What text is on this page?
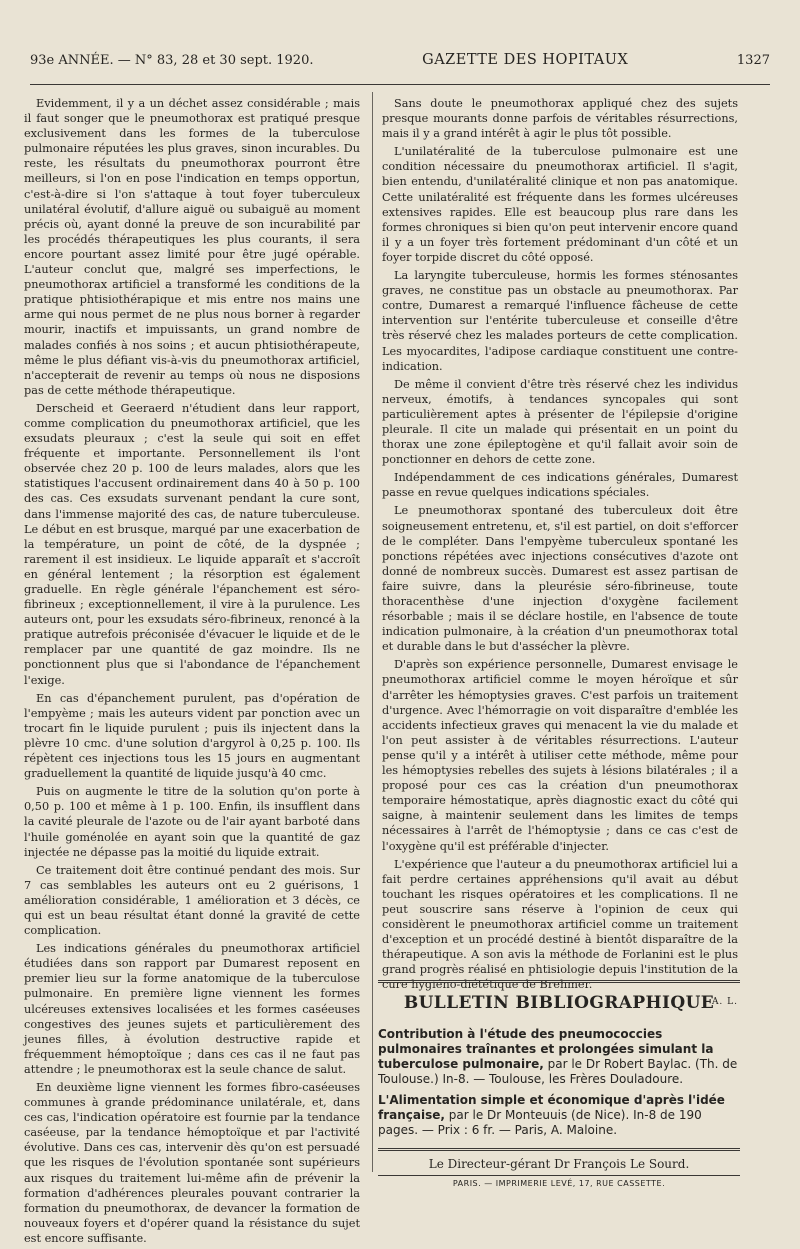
93e ANNÉE. — N° 83, 28 et 30 sept. 1920.	GAZETTE DES HOPITAUX	1327

Evidemment, il y a un déchet assez considérable ; mais il faut songer que le pneumothorax est pratiqué presque exclusivement dans les formes de la tuberculose pulmonaire réputées les plus graves, sinon incurables. Du reste, les résultats du pneumothorax pourront être meilleurs, si l'on en pose l'indication en temps opportun, c'est-à-dire si l'on s'attaque à tout foyer tuberculeux unilatéral évolutif, d'allure aiguë ou subaiguë au moment précis où, ayant donné la preuve de son incurabilité par les procédés thérapeutiques les plus courants, il sera encore pourtant assez limité pour être jugé opérable. L'auteur conclut que, malgré ses imperfections, le pneumothorax artificiel a transformé les conditions de la pratique phtisiothérapique et mis entre nos mains une arme qui nous permet de ne plus nous borner à regarder mourir, inactifs et impuissants, un grand nombre de malades confiés à nos soins ; et aucun phtisiothérapeute, même le plus défiant vis-à-vis du pneumothorax artificiel, n'accepterait de revenir au temps où nous ne disposions pas de cette méthode thérapeutique.

Derscheid et Geeraerd n'étudient dans leur rapport, comme complication du pneumothorax artificiel, que les exsudats pleuraux ; c'est la seule qui soit en effet fréquente et importante. Personnellement ils l'ont observée chez 20 p. 100 de leurs malades, alors que les statistiques l'accusent ordinairement dans 40 à 50 p. 100 des cas. Ces exsudats survenant pendant la cure sont, dans l'immense majorité des cas, de nature tuberculeuse. Le début en est brusque, marqué par une exacerbation de la température, un point de côté, de la dyspnée ; rarement il est insidieux. Le liquide apparaît et s'accroît en général lentement ; la résorption est également graduelle. En règle générale l'épanchement est séro-fibrineux ; exceptionnellement, il vire à la purulence. Les auteurs ont, pour les exsudats séro-fibrineux, renoncé à la pratique autrefois préconisée d'évacuer le liquide et de le remplacer par une quantité de gaz moindre. Ils ne ponctionnent plus que si l'abondance de l'épanchement l'exige.

En cas d'épanchement purulent, pas d'opération de l'empyème ; mais les auteurs vident par ponction avec un trocart fin le liquide purulent ; puis ils injectent dans la plèvre 10 cmc. d'une solution d'argyrol à 0,25 p. 100. Ils répètent ces injections tous les 15 jours en augmentant graduellement la quantité de liquide jusqu'à 40 cmc.

Puis on augmente le titre de la solution qu'on porte à 0,50 p. 100 et même à 1 p. 100. Enfin, ils insufflent dans la cavité pleurale de l'azote ou de l'air ayant barboté dans l'huile goménolée en ayant soin que la quantité de gaz injectée ne dépasse pas la moitié du liquide extrait.

Ce traitement doit être continué pendant des mois. Sur 7 cas semblables les auteurs ont eu 2 guérisons, 1 amélioration considérable, 1 amélioration et 3 décès, ce qui est un beau résultat étant donné la gravité de cette complication.

Les indications générales du pneumothorax artificiel étudiées dans son rapport par Dumarest reposent en premier lieu sur la forme anatomique de la tuberculose pulmonaire. En première ligne viennent les formes ulcéreuses extensives localisées et les formes caséeuses congestives des jeunes sujets et particulièrement des jeunes filles, à évolution destructive rapide et fréquemment hémoptoïque ; dans ces cas il ne faut pas attendre ; le pneumothorax est la seule chance de salut.

En deuxième ligne viennent les formes fibro-caséeuses communes à grande prédominance unilatérale, et, dans ces cas, l'indication opératoire est fournie par la tendance caséeuse, par la tendance hémoptoïque et par l'activité évolutive. Dans ces cas, intervenir dès qu'on est persuadé que les risques de l'évolution spontanée sont supérieurs aux risques du traitement lui-même afin de prévenir la formation d'adhérences pleurales pouvant contrarier la formation du pneumothorax, de devancer la formation de nouveaux foyers et d'opérer quand la résistance du sujet est encore suffisante.

Sans doute le pneumothorax appliqué chez des sujets presque mourants donne parfois de véritables résurrections, mais il y a grand intérêt à agir le plus tôt possible.

L'unilatéralité de la tuberculose pulmonaire est une condition nécessaire du pneumothorax artificiel. Il s'agit, bien entendu, d'unilatéralité clinique et non pas anatomique. Cette unilatéralité est fréquente dans les formes ulcéreuses extensives rapides. Elle est beaucoup plus rare dans les formes chroniques si bien qu'on peut intervenir encore quand il y a un foyer très fortement prédominant d'un côté et un foyer torpide discret du côté opposé.

La laryngite tuberculeuse, hormis les formes sténosantes graves, ne constitue pas un obstacle au pneumothorax. Par contre, Dumarest a remarqué l'influence fâcheuse de cette intervention sur l'entérite tuberculeuse et conseille d'être très réservé chez les malades porteurs de cette complication. Les myocardites, l'adipose cardiaque constituent une contre-indication.

De même il convient d'être très réservé chez les individus nerveux, émotifs, à tendances syncopales qui sont particulièrement aptes à présenter de l'épilepsie d'origine pleurale. Il cite un malade qui présentait en un point du thorax une zone épileptogène et qu'il fallait avoir soin de ponctionner en dehors de cette zone.

Indépendamment de ces indications générales, Dumarest passe en revue quelques indications spéciales.

Le pneumothorax spontané des tuberculeux doit être soigneusement entretenu, et, s'il est partiel, on doit s'efforcer de le compléter. Dans l'empyème tuberculeux spontané les ponctions répétées avec injections consécutives d'azote ont donné de nombreux succès. Dumarest est assez partisan de faire suivre, dans la pleurésie séro-fibrineuse, toute thoracenthèse d'une injection d'oxygène facilement résorbable ; mais il se déclare hostile, en l'absence de toute indication pulmonaire, à la création d'un pneumothorax total et durable dans le but d'assécher la plèvre.

D'après son expérience personnelle, Dumarest envisage le pneumothorax artificiel comme le moyen héroïque et sûr d'arrêter les hémoptysies graves. C'est parfois un traitement d'urgence. Avec l'hémorragie on voit disparaître d'emblée les accidents infectieux graves qui menacent la vie du malade et l'on peut assister à de véritables résurrections. L'auteur pense qu'il y a intérêt à utiliser cette méthode, même pour les hémoptysies rebelles des sujets à lésions bilatérales ; il a proposé pour ces cas la création d'un pneumothorax temporaire hémostatique, après diagnostic exact du côté qui saigne, à maintenir seulement dans les limites de temps nécessaires à l'arrêt de l'hémoptysie ; dans ce cas c'est de l'oxygène qu'il est préférable d'injecter.

L'expérience que l'auteur a du pneumothorax artificiel lui a fait perdre certaines appréhensions qu'il avait au début touchant les risques opératoires et les complications. Il ne peut souscrire sans réserve à l'opinion de ceux qui considèrent le pneumothorax artificiel comme un traitement d'exception et un procédé destiné à bientôt disparaître de la thérapeutique. A son avis la méthode de Forlanini est le plus grand progrès réalisé en phtisiologie depuis l'institution de la cure hygiéno-diététique de Brehmer.

A. L.
BULLETIN BIBLIOGRAPHIQUE

Contribution à l'étude des pneumococcies pulmonaires traînantes et prolongées simulant la tuberculose pulmonaire, par le Dr Robert Baylac. (Th. de Toulouse.) In-8. — Toulouse, les Frères Douladoure.

L'Alimentation simple et économique d'après l'idée française, par le Dr Monteuuis (de Nice). In-8 de 190 pages. — Prix : 6 fr. — Paris, A. Maloine.

Le Directeur-gérant Dr François Le Sourd.

PARIS. — IMPRIMERIE LEVÉ, 17, RUE CASSETTE.
